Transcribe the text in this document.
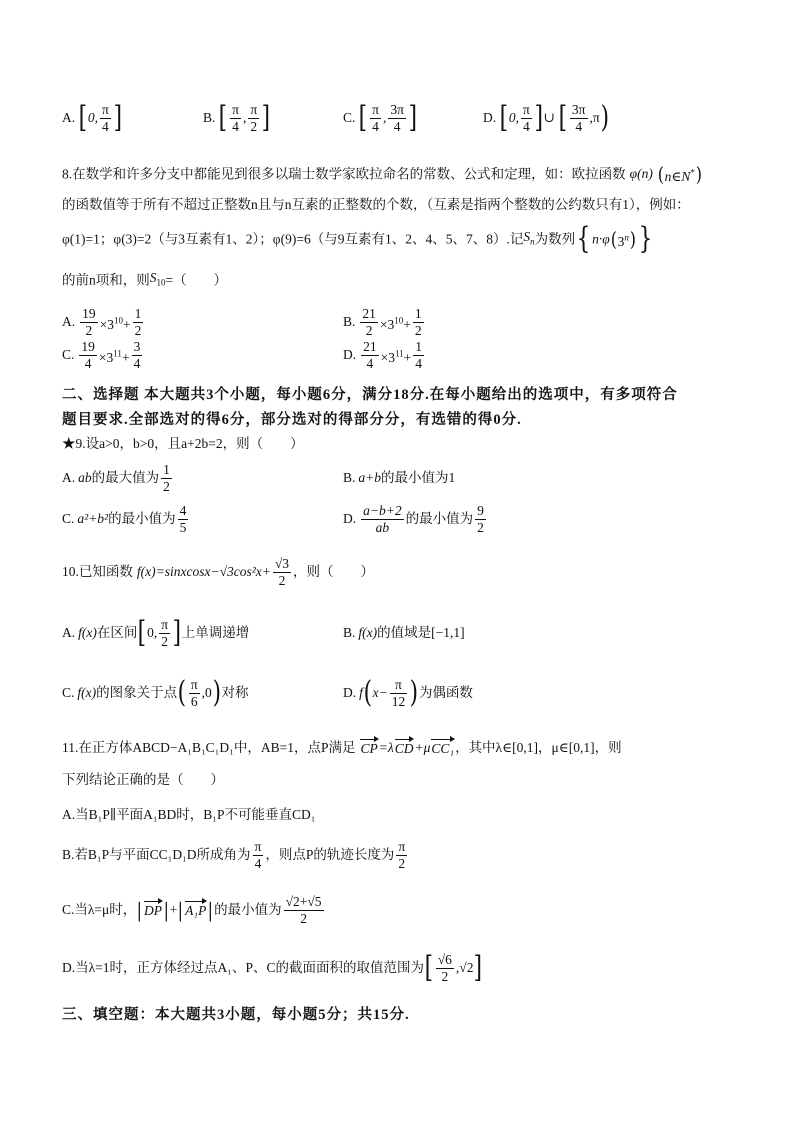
A. [ 0, $\frac{\pi}{4}$ ]	B. [ $\frac{\pi}{4}$ , $\frac{\pi}{2}$ ]	C. [ $\frac{\pi}{4}$ , $\frac{3\pi}{4}$ ]	D. [ 0, $\frac{\pi}{4}$ ] ∪ [ $\frac{3\pi}{4} ,\pi$ )
8.在数学和许多分支中都能见到很多以瑞士数学家欧拉命名的常数、公式和定理，如：欧拉函数 φ(n) ( n∈N* )
的函数值等于所有不超过正整数n且与n互素的正整数的个数，（互素是指两个整数的公约数只有1），例如：
φ(1)=1；φ(3)=2（与3互素有1、2）；φ(9)=6（与9互素有1、2、4、5、7、8）.记 $S_n$ 为数列 { n·φ ( 3$^n$ ) }
的前n项和，则 $S_{10}$ =（　　）
A. $\frac{19}{2} \times 3^{10}+ \frac{1}{2}$	B. $\frac{21}{2} \times 3^{10}+ \frac{1}{2}$
C. $\frac{19}{4} \times 3^{11}+ \frac{3}{4}$	D. $\frac{21}{4} \times 3^{11}+ \frac{1}{4}$
二、选择题 本大题共3个小题，每小题6分，满分18分.在每小题给出的选项中，有多项符合
题目要求.全部选对的得6分，部分选对的得部分分，有选错的得0分.
★9.设a>0，b>0，且a+2b=2，则（　　）
A. ab 的最大值为 $\frac{1}{2}$	B. a+b 的最小值为1
C. a²+b² 的最小值为 $\frac{4}{5}$	D. $\frac{a-b+2}{ab}$ 的最小值为 $\frac{9}{2}$
10.已知函数 f(x)=sinxcosx−√3cos²x+ $\frac{√3}{2}$ ，则（　　）
A. f(x) 在区间 [ 0, $\frac{\pi}{2}$ ] 上单调递增	B. f(x) 的值域是 [−1,1]
C. f(x) 的图象关于点 ( $\frac{\pi}{6} ,0$ ) 对称	D. f ( $x- \frac{\pi}{12}$ ) 为偶函数
11.在正方体ABCD−A₁B₁C₁D₁中，AB=1，点P满足 CP =λ CD +μ CC₁ ，其中λ∈[0,1]，μ∈[0,1]，则
下列结论正确的是（　　）
A.当B₁P∥平面A₁BD时，B₁P不可能垂直CD₁
B.若B₁P与平面CC₁D₁D所成角为 $\frac{\pi}{4}$ ，则点P的轨迹长度为 $\frac{\pi}{2}$
C.当λ=μ时， | DP | + | A₁P | 的最小值为 $\frac{√2+√5}{2}$
D.当λ=1时，正方体经过点A₁、P、C的截面面积的取值范围为 [ $\frac{√6}{2} ,√2$ ]
三、填空题：本大题共3小题，每小题5分；共15分.
